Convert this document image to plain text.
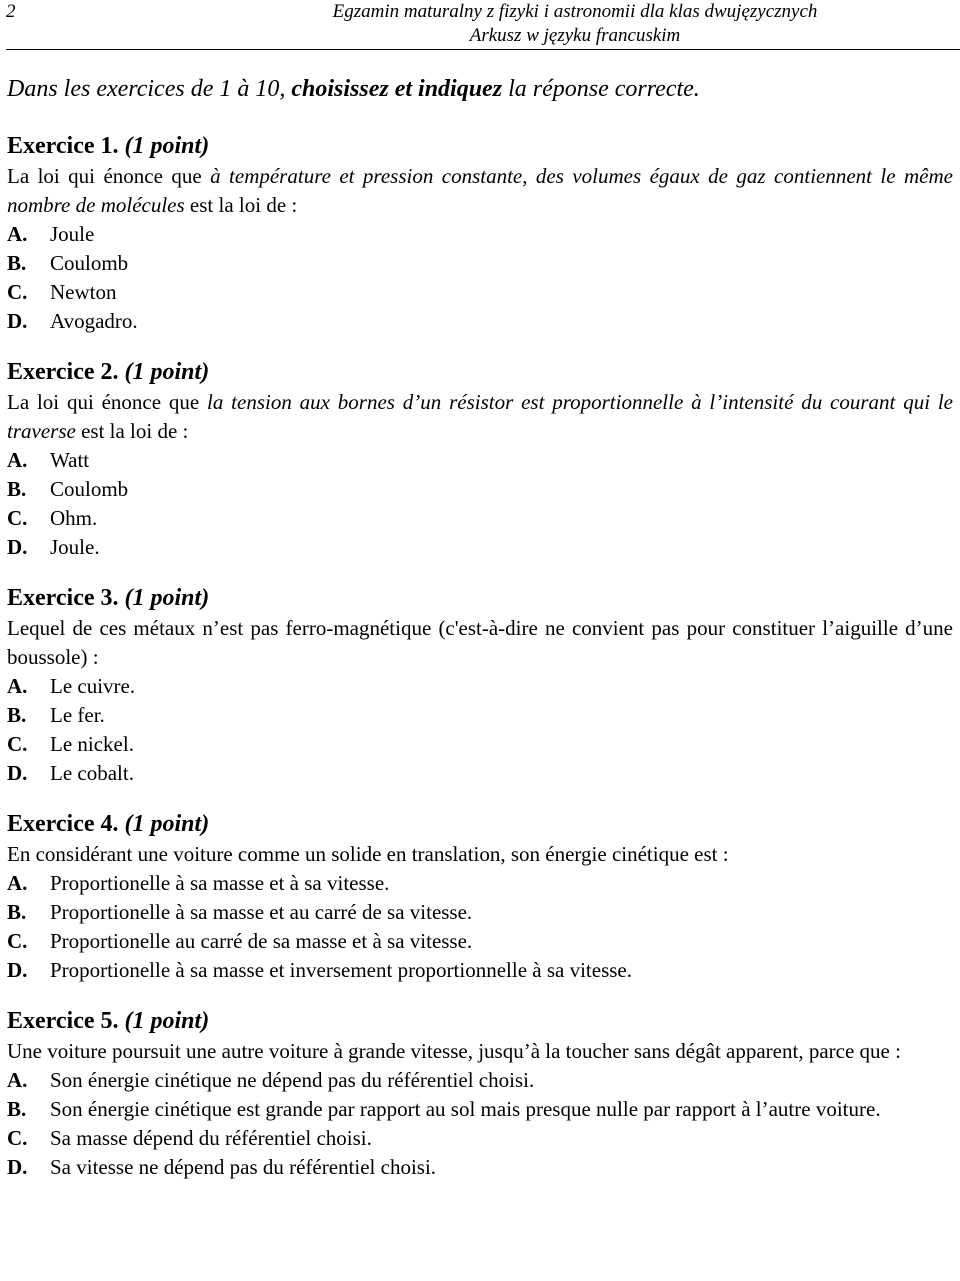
2	Egzamin maturalny z fizyki i astronomii dla klas dwujęzycznych
Arkusz w języku francuskim
Dans les exercices de 1 à 10, choisissez et indiquez la réponse correcte.

Exercice 1. (1 point)

La loi qui énonce que à température et pression constante, des volumes égaux de gaz contiennent le même nombre de molécules est la loi de :

A.	Joule
B.	Coulomb
C.	Newton
D.	Avogadro.

Exercice 2. (1 point)

La loi qui énonce que la tension aux bornes d’un résistor est proportionnelle à l’intensité du courant qui le traverse est la loi de :

A.	Watt
B.	Coulomb
C.	Ohm.
D.	Joule.

Exercice 3. (1 point)

Lequel de ces métaux n’est pas ferro-magnétique (c'est-à-dire ne convient pas pour constituer l’aiguille d’une boussole) :

A.	Le cuivre.
B.	Le fer.
C.	Le nickel.
D.	Le cobalt.

Exercice 4. (1 point)

En considérant une voiture comme un solide en translation, son énergie cinétique est :

A.	Proportionelle à sa masse et à sa vitesse.
B.	Proportionelle à sa masse et au carré de sa vitesse.
C.	Proportionelle au carré de sa masse et à sa vitesse.
D.	Proportionelle à sa masse et inversement proportionnelle à sa vitesse.

Exercice 5. (1 point)

Une voiture poursuit une autre voiture à grande vitesse, jusqu’à la toucher sans dégât apparent, parce que :

A.	Son énergie cinétique ne dépend pas du référentiel choisi.
B.	Son énergie cinétique est grande par rapport au sol mais presque nulle par rapport à l’autre voiture.
C.	Sa masse dépend du référentiel choisi.
D.	Sa vitesse ne dépend pas du référentiel choisi.
